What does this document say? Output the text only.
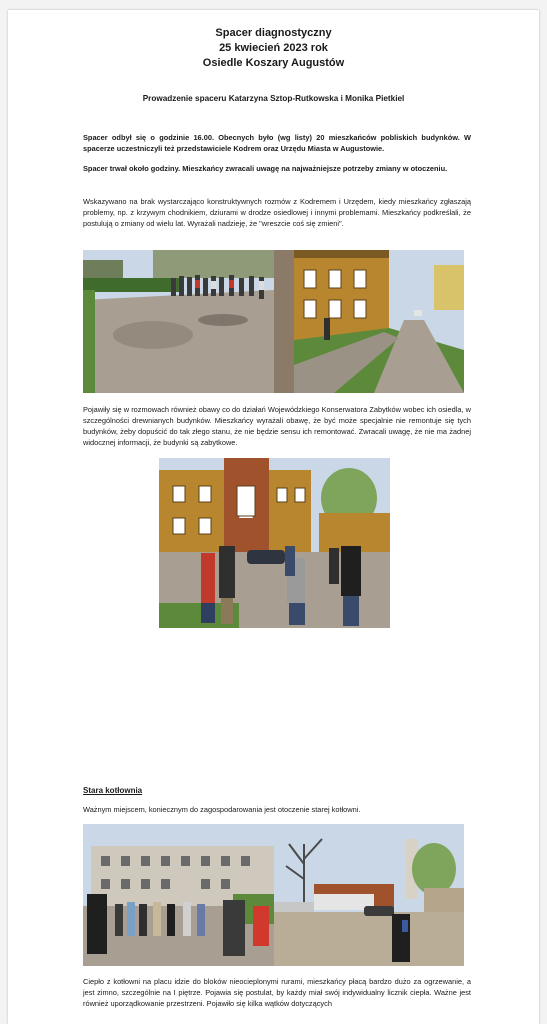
Spacer diagnostyczny
25 kwiecień 2023 rok
Osiedle Koszary Augustów
Prowadzenie spaceru Katarzyna Sztop-Rutkowska i Monika Pietkiel
Spacer odbył się o godzinie 16.00. Obecnych było (wg listy) 20 mieszkańców pobliskich budynków. W spacerze uczestniczyli też przedstawiciele Kodrem oraz Urzędu Miasta w Augustowie.
Spacer trwał około godziny. Mieszkańcy zwracali uwagę na najważniejsze potrzeby zmiany w otoczeniu.
Wskazywano na brak wystarczająco konstruktywnych rozmów z Kodremem i Urzędem, kiedy mieszkańcy zgłaszają problemy, np. z krzywym chodnikiem, dziurami w drodze osiedlowej i innymi problemami. Mieszkańcy podkreślali, że postulują o zmiany od wielu lat. Wyrażali nadzieję, że "wreszcie coś się zmieni".
Pojawiły się w rozmowach również obawy co do działań Wojewódzkiego Konserwatora Zabytków wobec ich osiedla, w szczególności drewnianych budynków. Mieszkańcy wyrażali obawę, że być może specjalnie nie remontuje się tych budynków, żeby dopuścić do tak złego stanu, że nie będzie sensu ich remontować. Zwracali uwagę, że nie ma żadnej widocznej informacji, że budynki są zabytkowe.
Stara kotłownia
Ważnym miejscem, koniecznym do zagospodarowania jest otoczenie starej kotłowni.
Ciepło z kotłowni na placu idzie do bloków nieocieplonymi rurami, mieszkańcy płacą bardzo dużo za ogrzewanie, a jest zimno, szczególnie na I piętrze. Pojawia się postulat, by każdy miał swój indywidualny licznik ciepła. Ważne jest również uporządkowanie przestrzeni. Pojawiło się kilka wątków dotyczących
